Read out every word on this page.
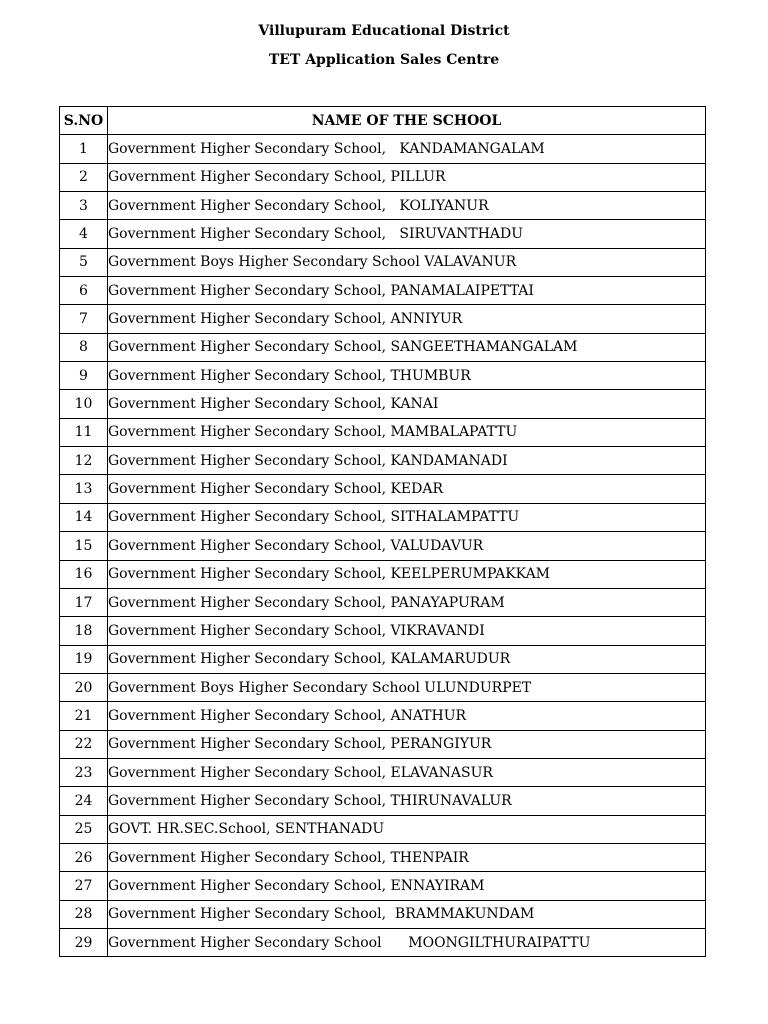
Villupuram Educational District
TET Application Sales Centre
S.NO	NAME OF THE SCHOOL
1	Government Higher Secondary School,   KANDAMANGALAM
2	Government Higher Secondary School, PILLUR
3	Government Higher Secondary School,   KOLIYANUR
4	Government Higher Secondary School,   SIRUVANTHADU
5	Government Boys Higher Secondary School VALAVANUR
6	Government Higher Secondary School, PANAMALAIPETTAI
7	Government Higher Secondary School, ANNIYUR
8	Government Higher Secondary School, SANGEETHAMANGALAM
9	Government Higher Secondary School, THUMBUR
10	Government Higher Secondary School, KANAI
11	Government Higher Secondary School, MAMBALAPATTU
12	Government Higher Secondary School, KANDAMANADI
13	Government Higher Secondary School, KEDAR
14	Government Higher Secondary School, SITHALAMPATTU
15	Government Higher Secondary School, VALUDAVUR
16	Government Higher Secondary School, KEELPERUMPAKKAM
17	Government Higher Secondary School, PANAYAPURAM
18	Government Higher Secondary School, VIKRAVANDI
19	Government Higher Secondary School, KALAMARUDUR
20	Government Boys Higher Secondary School ULUNDURPET
21	Government Higher Secondary School, ANATHUR
22	Government Higher Secondary School, PERANGIYUR
23	Government Higher Secondary School, ELAVANASUR
24	Government Higher Secondary School, THIRUNAVALUR
25	GOVT. HR.SEC.School, SENTHANADU
26	Government Higher Secondary School, THENPAIR
27	Government Higher Secondary School, ENNAYIRAM
28	Government Higher Secondary School,  BRAMMAKUNDAM
29	Government Higher Secondary School      MOONGILTHURAIPATTU
